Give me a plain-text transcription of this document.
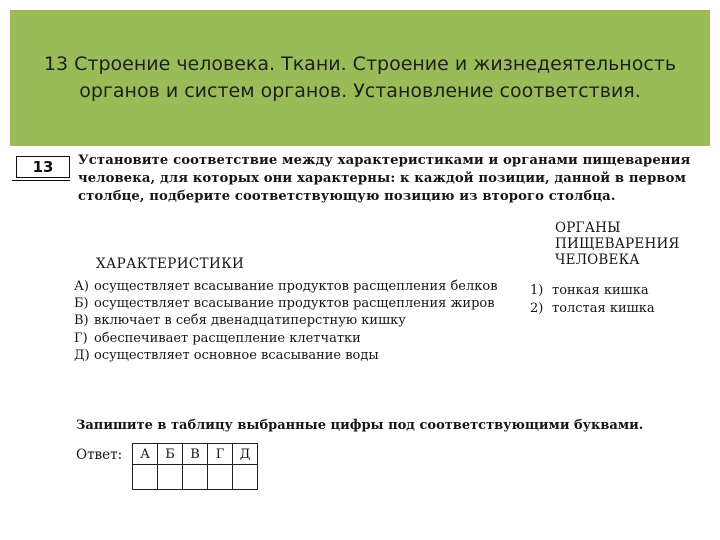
13 Строение человека. Ткани. Строение и жизнедеятельность органов и систем органов. Установление соответствия.
13	Установите соответствие между характеристиками и органами пищеварения человека, для которых они характерны: к каждой позиции, данной в первом столбце, подберите соответствующую позицию из второго столбца.
ХАРАКТЕРИСТИКИ
ОРГАНЫ ПИЩЕВАРЕНИЯ ЧЕЛОВЕКА
А) осуществляет всасывание продуктов расщепления белков
Б) осуществляет всасывание продуктов расщепления жиров
В) включает в себя двенадцатиперстную кишку
Г) обеспечивает расщепление клетчатки
Д) осуществляет основное всасывание воды
1) тонкая кишка
2) толстая кишка
Запишите в таблицу выбранные цифры под соответствующими буквами.
Ответ: А	Б	В	Г	Д
